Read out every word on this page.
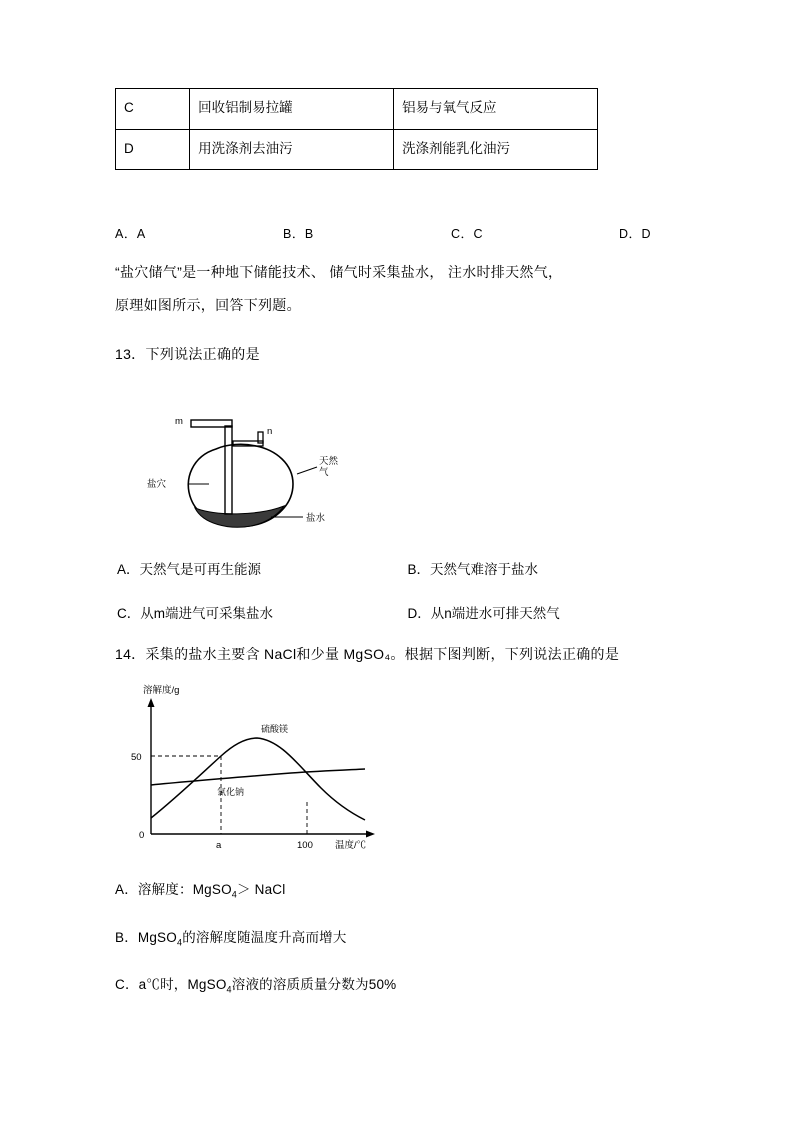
C	回收铝制易拉罐	铝易与氧气反应
D	用洗涤剂去油污	洗涤剂能乳化油污
A．A	B．B	C．C	D．D
“盐穴储气”是一种地下储能技术、 储气时采集盐水， 注水时排天然气，
原理如图所示，回答下列题。
13．下列说法正确的是
m
n
天然
气
盐穴
盐水
A．天然气是可再生能源	B．天然气难溶于盐水
C．从m端进气可采集盐水	D．从n端进水可排天然气
14．采集的盐水主要含 NaCl和少量 MgSO₄。根据下图判断，下列说法正确的是
溶解度/g
温度/℃
0
a	100
50
硫酸镁
氯化钠
A．溶解度：MgSO$_4$＞ NaCl
B．MgSO$_4$的溶解度随温度升高而增大
C．a℃时，MgSO$_4$溶液的溶质质量分数为50%
